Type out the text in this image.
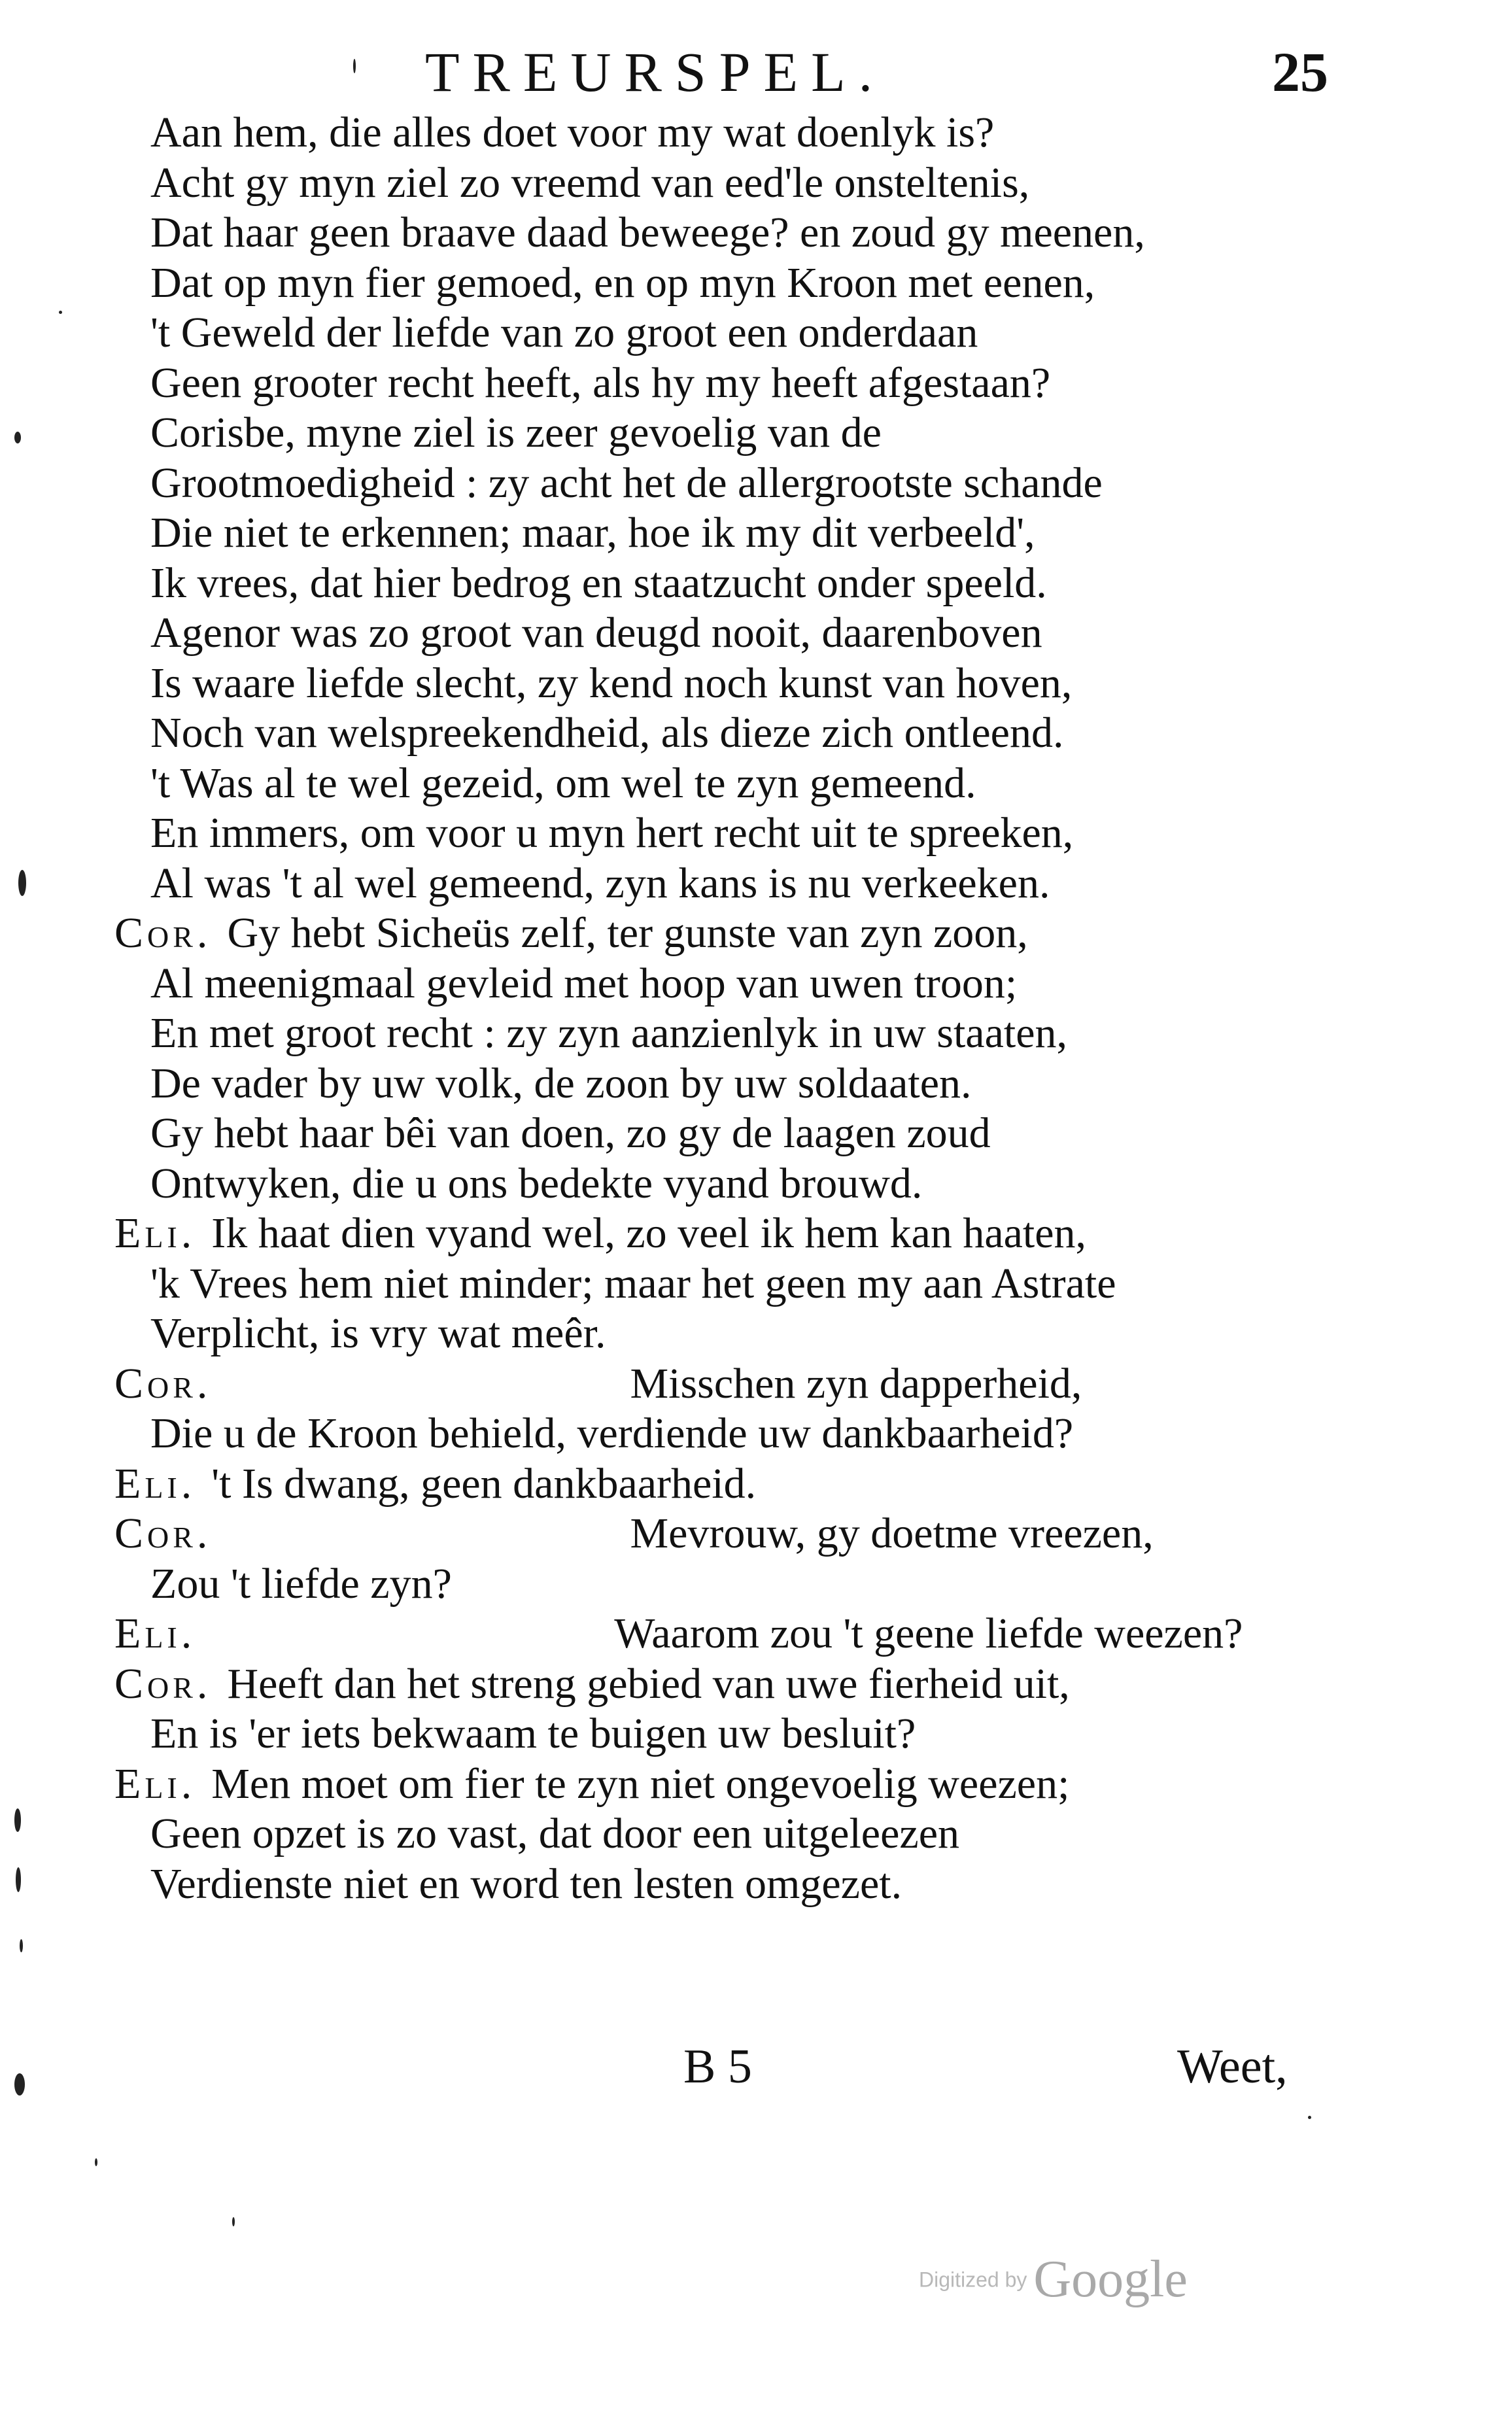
TREURSPEL.	25
Aan hem, die alles doet voor my wat doenlyk is?
Acht gy myn ziel zo vreemd van eed'le onsteltenis,
Dat haar geen braave daad beweege? en zoud gy meenen,
Dat op myn fier gemoed, en op myn Kroon met eenen,
't Geweld der liefde van zo groot een onderdaan
Geen grooter recht heeft, als hy my heeft afgestaan?
Corisbe, myne ziel is zeer gevoelig van de
Grootmoedigheid : zy acht het de allergrootste schande
Die niet te erkennen; maar, hoe ik my dit verbeeld',
Ik vrees, dat hier bedrog en staatzucht onder speeld.
Agenor was zo groot van deugd nooit, daarenboven
Is waare liefde slecht, zy kend noch kunst van hoven,
Noch van welspreekendheid, als dieze zich ontleend.
't Was al te wel gezeid, om wel te zyn gemeend.
En immers, om voor u myn hert recht uit te spreeken,
Al was 't al wel gemeend, zyn kans is nu verkeeken.
Cor. Gy hebt Sicheüs zelf, ter gunste van zyn zoon,
Al meenigmaal gevleid met hoop van uwen troon;
En met groot recht : zy zyn aanzienlyk in uw staaten,
De vader by uw volk, de zoon by uw soldaaten.
Gy hebt haar bêi van doen, zo gy de laagen zoud
Ontwyken, die u ons bedekte vyand brouwd.
Eli. Ik haat dien vyand wel, zo veel ik hem kan haaten,
'k Vrees hem niet minder; maar het geen my aan Astrate
Verplicht, is vry wat meêr.
Cor.	Misschen zyn dapperheid,
Die u de Kroon behield, verdiende uw dankbaarheid?
Eli. 't Is dwang, geen dankbaarheid.
Cor.	Mevrouw, gy doetme vreezen,
Zou 't liefde zyn?
Eli.	Waarom zou 't geene liefde weezen?
Cor. Heeft dan het streng gebied van uwe fierheid uit,
En is 'er iets bekwaam te buigen uw besluit?
Eli. Men moet om fier te zyn niet ongevoelig weezen;
Geen opzet is zo vast, dat door een uitgeleezen
Verdienste niet en word ten lesten omgezet.
B 5	Weet,
Digitized by Google
